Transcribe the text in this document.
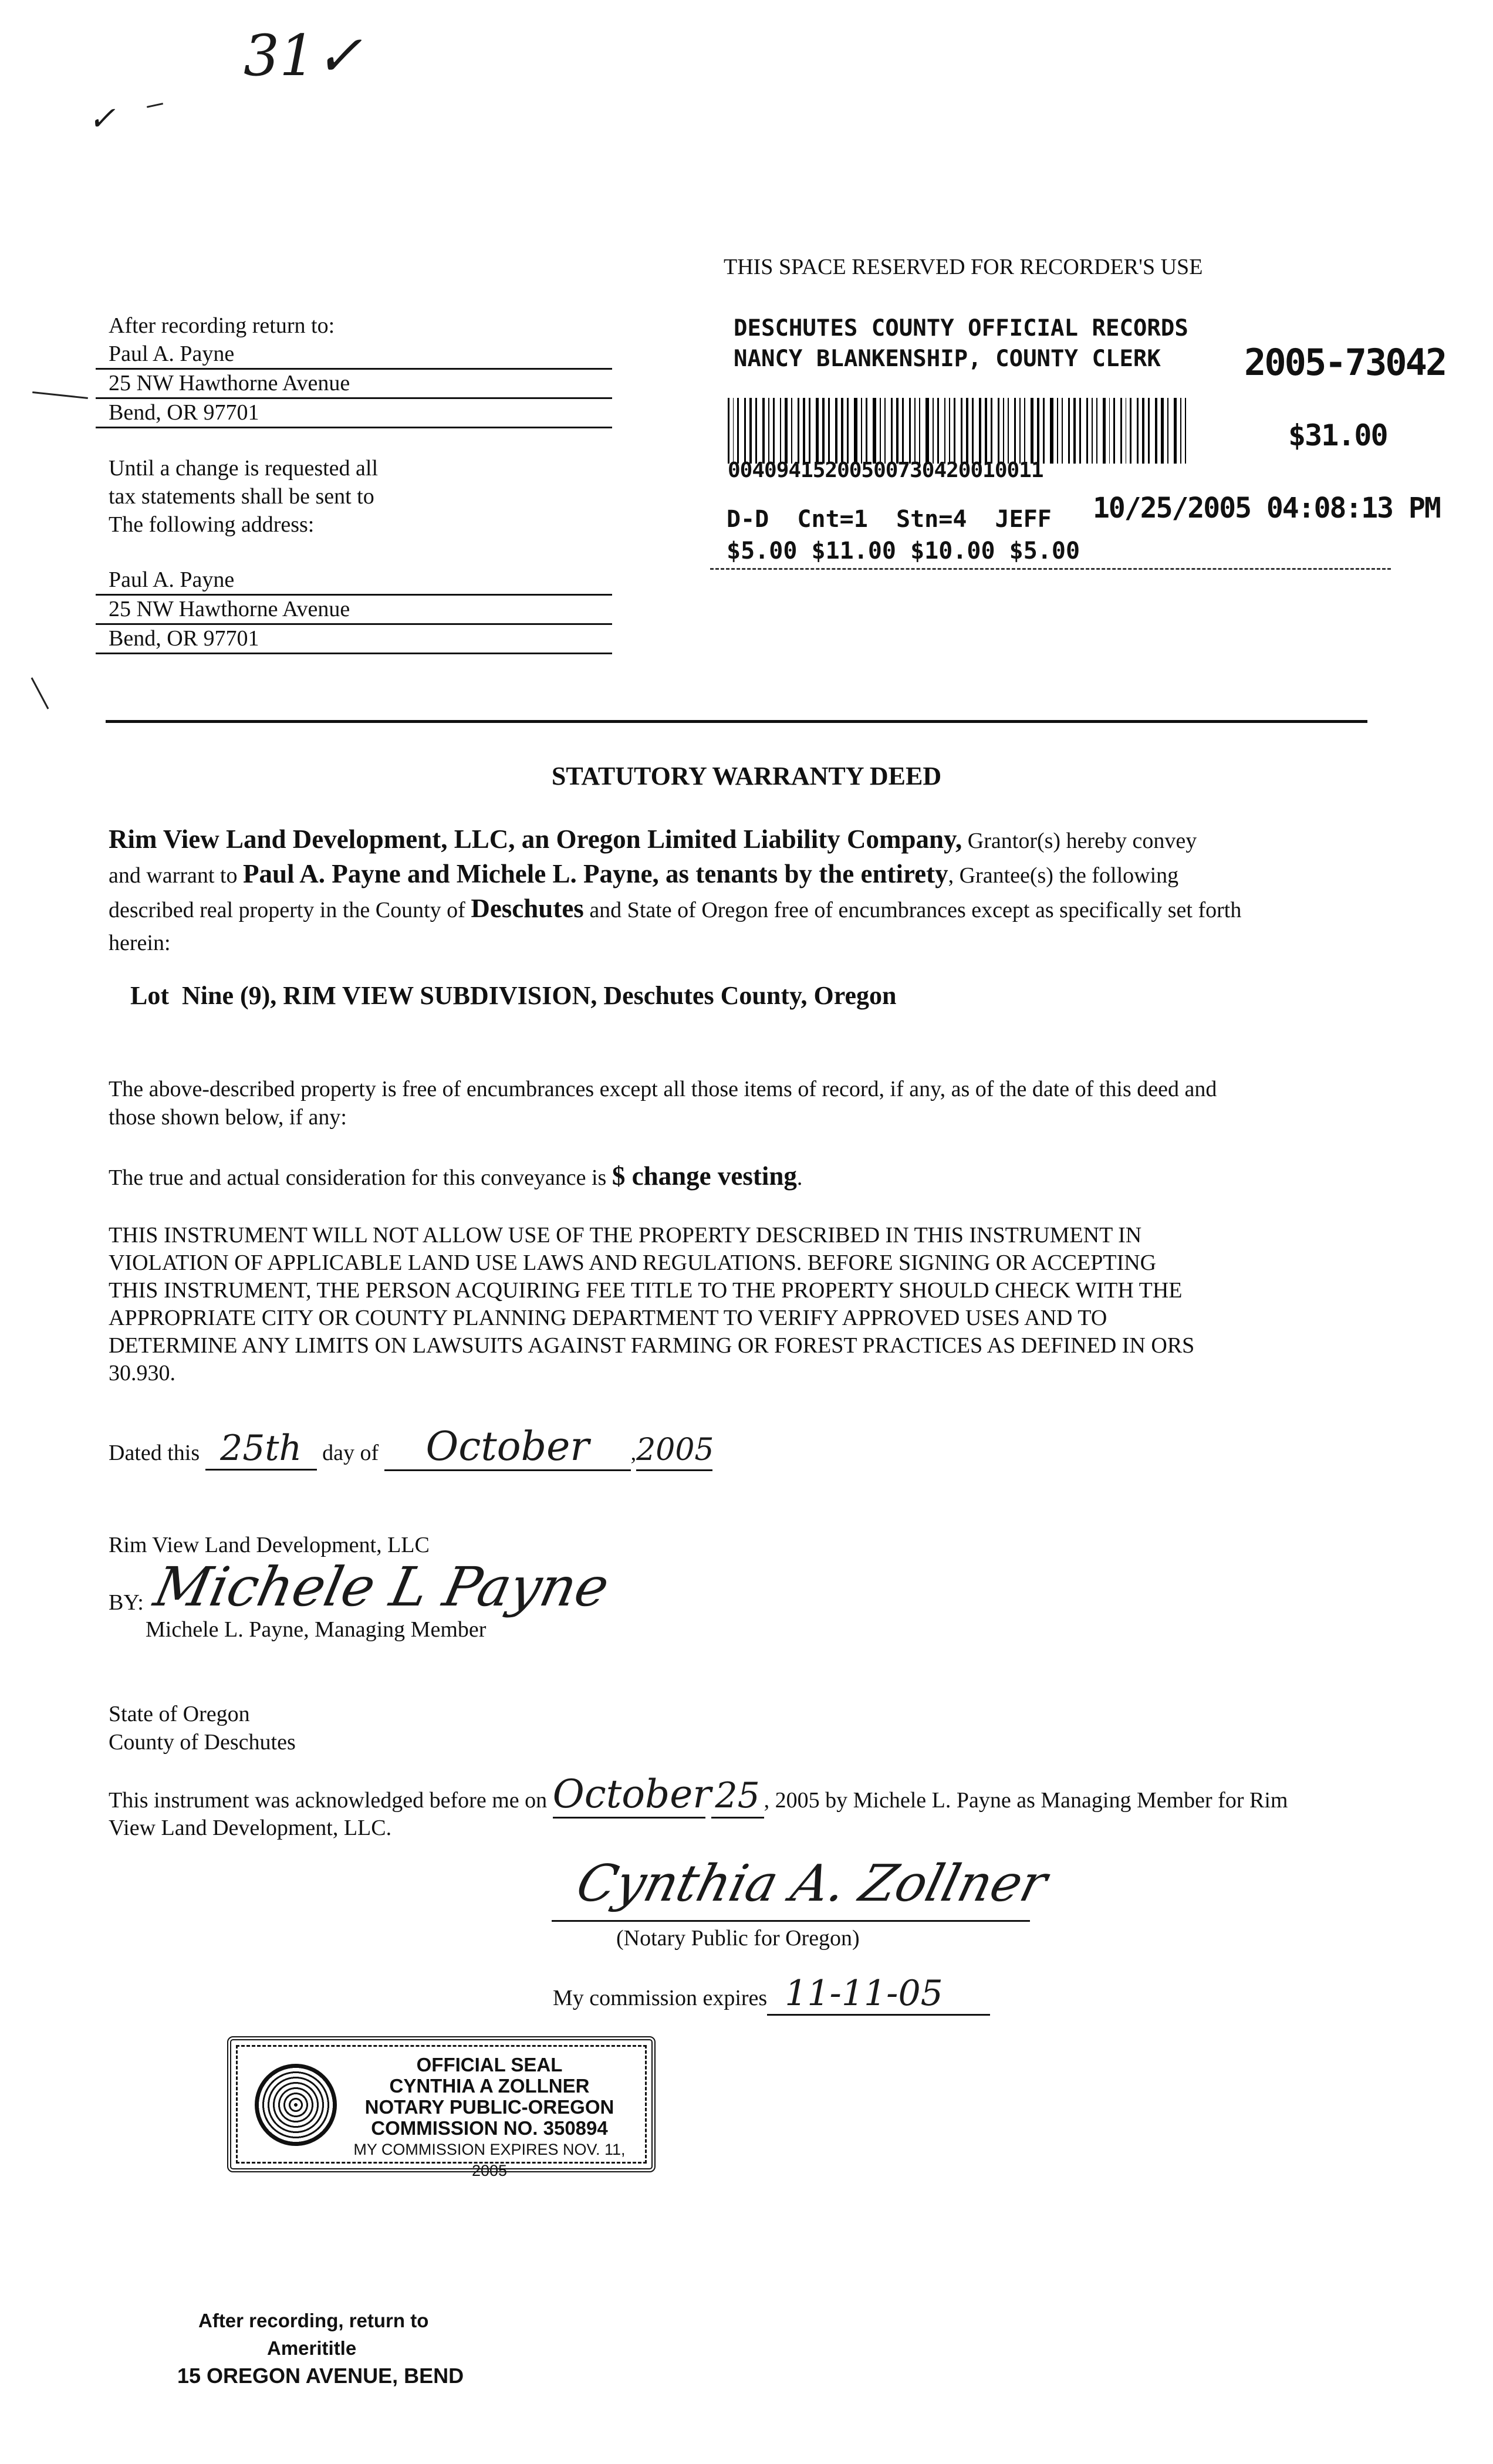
31✓
✓
THIS SPACE RESERVED FOR RECORDER'S USE
DESCHUTES COUNTY OFFICIAL RECORDS
NANCY BLANKENSHIP, COUNTY CLERK 2005-73042
00409415200500730420010011
$31.00
D-D  Cnt=1  Stn=4  JEFF
$5.00 $11.00 $10.00 $5.00
10/25/2005 04:08:13 PM
After recording return to:
Paul A. Payne
25 NW Hawthorne Avenue
Bend, OR 97701
Until a change is requested all
tax statements shall be sent to
The following address:
Paul A. Payne
25 NW Hawthorne Avenue
Bend, OR 97701
STATUTORY WARRANTY DEED
Rim View Land Development, LLC, an Oregon Limited Liability Company, Grantor(s) hereby convey
and warrant to Paul A. Payne and Michele L. Payne, as tenants by the entirety, Grantee(s) the following
described real property in the County of Deschutes and State of Oregon free of encumbrances except as specifically set forth
herein:
Lot  Nine (9), RIM VIEW SUBDIVISION, Deschutes County, Oregon
The above-described property is free of encumbrances except all those items of record, if any, as of the date of this deed and
those shown below, if any:
The true and actual consideration for this conveyance is $ change vesting.
THIS INSTRUMENT WILL NOT ALLOW USE OF THE PROPERTY DESCRIBED IN THIS INSTRUMENT IN
VIOLATION OF APPLICABLE LAND USE LAWS AND REGULATIONS. BEFORE SIGNING OR ACCEPTING
THIS INSTRUMENT, THE PERSON ACQUIRING FEE TITLE TO THE PROPERTY SHOULD CHECK WITH THE
APPROPRIATE CITY OR COUNTY PLANNING DEPARTMENT TO VERIFY APPROVED USES AND TO
DETERMINE ANY LIMITS ON LAWSUITS AGAINST FARMING OR FOREST PRACTICES AS DEFINED IN ORS
30.930.
Dated this 25th day of October ,2005
Rim View Land Development, LLC
BY: Michele L Payne
Michele L. Payne, Managing Member
State of Oregon
County of Deschutes
This instrument was acknowledged before me on October 25 , 2005 by Michele L. Payne as Managing Member for Rim
View Land Development, LLC.
Cynthia A. Zollner
(Notary Public for Oregon)
My commission expires 11-11-05
OFFICIAL SEAL
CYNTHIA A ZOLLNER
NOTARY PUBLIC-OREGON
COMMISSION NO. 350894
MY COMMISSION EXPIRES NOV. 11, 2005
After recording, return to
Amerititle
15 OREGON AVENUE, BEND
